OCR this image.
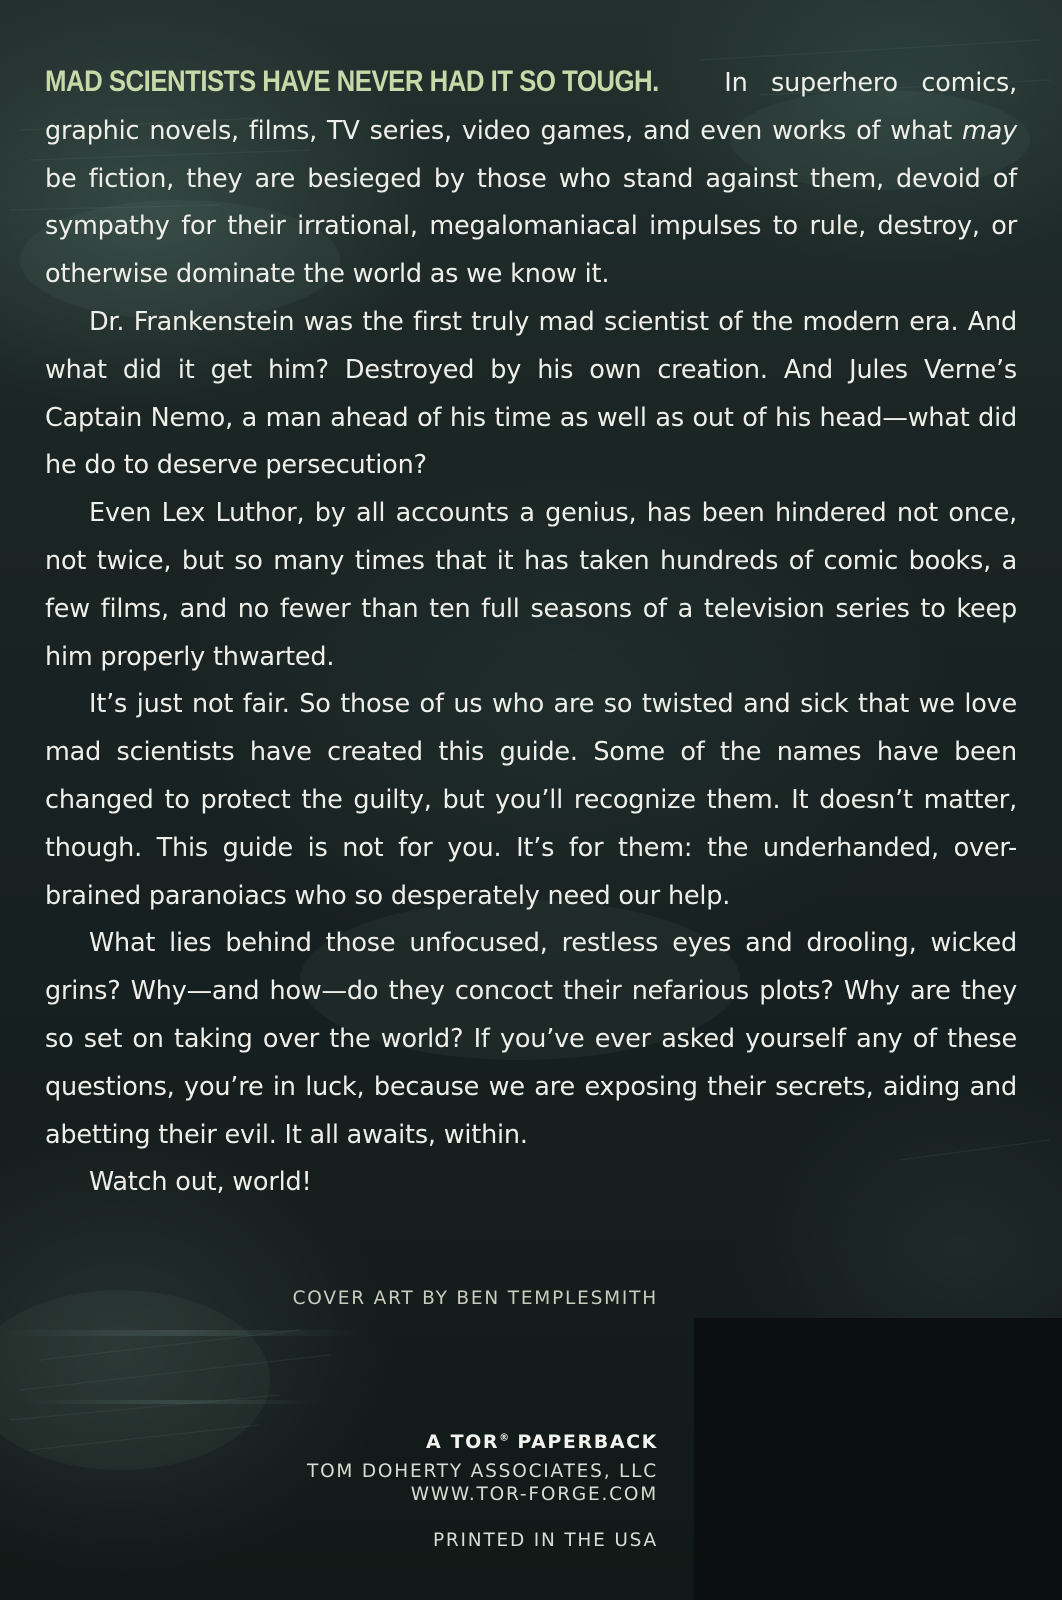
MAD SCIENTISTS HAVE NEVER HAD IT SO TOUGH. In superhero comics, graphic novels, films, TV series, video games, and even works of what may be fiction, they are besieged by those who stand against them, devoid of sympathy for their irrational, megalomaniacal impulses to rule, destroy, or otherwise dominate the world as we know it.

Dr. Frankenstein was the first truly mad scientist of the modern era. And what did it get him? Destroyed by his own creation. And Jules Verne’s Captain Nemo, a man ahead of his time as well as out of his head—what did he do to deserve persecution?

Even Lex Luthor, by all accounts a genius, has been hindered not once, not twice, but so many times that it has taken hundreds of comic books, a few films, and no fewer than ten full seasons of a television series to keep him properly thwarted.

It’s just not fair. So those of us who are so twisted and sick that we love mad scientists have created this guide. Some of the names have been changed to protect the guilty, but you’ll recognize them. It doesn’t matter, though. This guide is not for you. It’s for them: the underhanded, over-brained paranoiacs who so desperately need our help.

What lies behind those unfocused, restless eyes and drooling, wicked grins? Why—and how—do they concoct their nefarious plots? Why are they so set on taking over the world? If you’ve ever asked yourself any of these questions, you’re in luck, because we are exposing their secrets, aiding and abetting their evil. It all awaits, within.

Watch out, world!

COVER ART BY BEN TEMPLESMITH
A TOR® PAPERBACK
TOM DOHERTY ASSOCIATES, LLC
WWW.TOR-FORGE.COM
PRINTED IN THE USA
